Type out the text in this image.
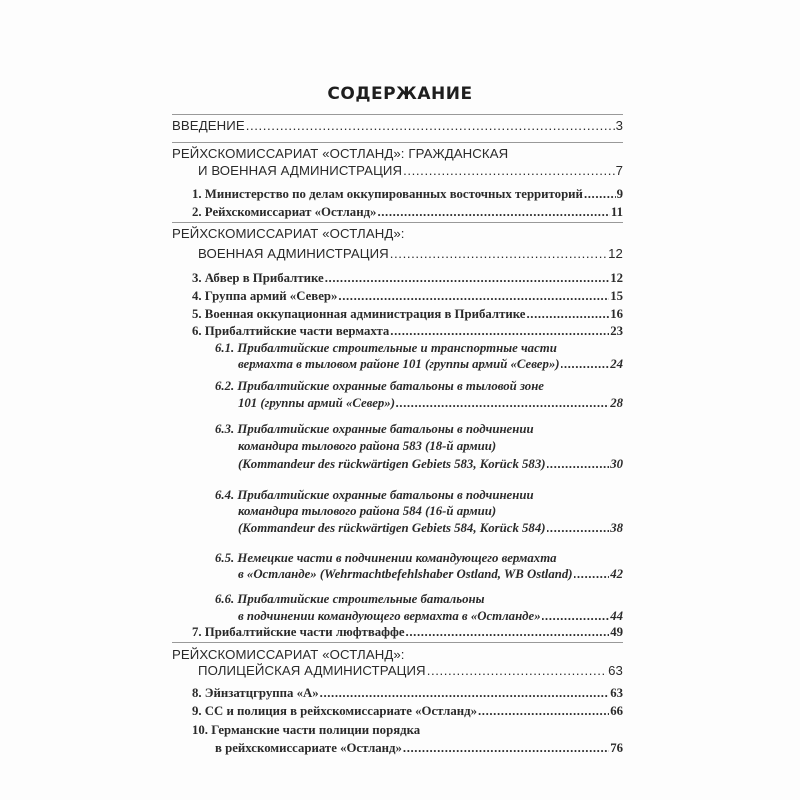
СОДЕРЖАНИЕ
ВВЕДЕНИЕ .....	3
РЕЙХСКОМИССАРИАТ «ОСТЛАНД»: ГРАЖДАНСКАЯ
И ВОЕННАЯ АДМИНИСТРАЦИЯ .....	7
1. Министерство по делам оккупированных восточных территорий .....	9
2. Рейхскомиссариат «Остланд» .....	11
РЕЙХСКОМИССАРИАТ «ОСТЛАНД»:
ВОЕННАЯ АДМИНИСТРАЦИЯ .....	12
3. Абвер в Прибалтике .....	12
4. Группа армий «Север» .....	15
5. Военная оккупационная администрация в Прибалтике .....	16
6. Прибалтийские части вермахта .....	23
6.1. Прибалтийские строительные и транспортные части
вермахта в тыловом районе 101 (группы армий «Север») .....	24
6.2. Прибалтийские охранные батальоны в тыловой зоне
101 (группы армий «Север») .....	28
6.3. Прибалтийские охранные батальоны в подчинении
командира тылового района 583 (18-й армии)
(Kommandeur des rückwärtigen Gebiets 583, Korück 583) .....	30
6.4. Прибалтийские охранные батальоны в подчинении
командира тылового района 584 (16-й армии)
(Kommandeur des rückwärtigen Gebiets 584, Korück 584) .....	38
6.5. Немецкие части в подчинении командующего вермахта
в «Остланде» (Wehrmachtbefehlshaber Ostland, WB Ostland) .....	42
6.6. Прибалтийские строительные батальоны
в подчинении командующего вермахта в «Остланде» .....	44
7. Прибалтийские части люфтваффе .....	49
РЕЙХСКОМИССАРИАТ «ОСТЛАНД»:
ПОЛИЦЕЙСКАЯ АДМИНИСТРАЦИЯ .....	63
8. Эйнзатцгруппа «А» .....	63
9. СС и полиция в рейхскомиссариате «Остланд» .....	66
10. Германские части полиции порядка
в рейхскомиссариате «Остланд» .....	76
